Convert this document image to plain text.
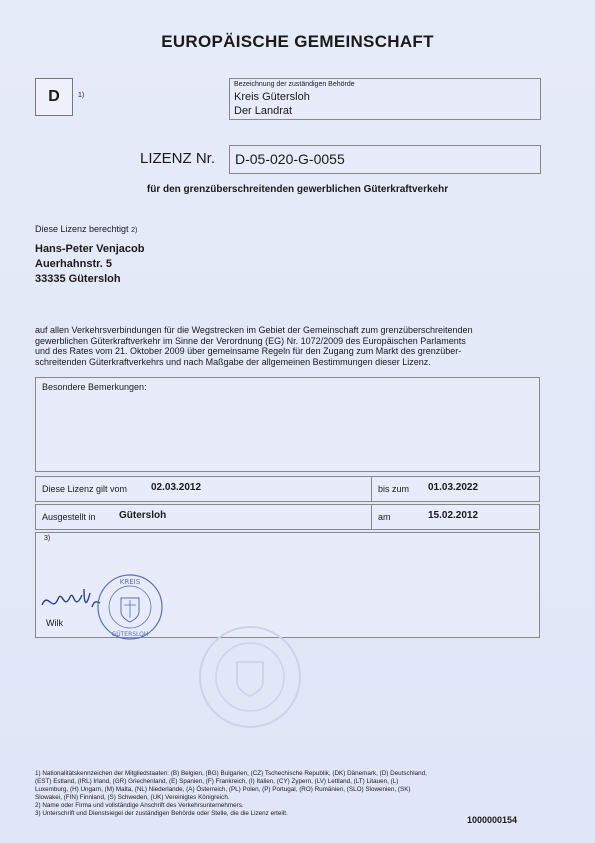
EUROPÄISCHE GEMEINSCHAFT
D	1)
Bezeichnung der zuständigen Behörde
Kreis Gütersloh
Der Landrat
LIZENZ Nr. D-05-020-G-0055
für den grenzüberschreitenden gewerblichen Güterkraftverkehr
Diese Lizenz berechtigt 2)
Hans-Peter Venjacob
Auerhahnstr. 5
33335 Gütersloh
auf allen Verkehrsverbindungen für die Wegstrecken im Gebiet der Gemeinschaft zum grenzüberschreitenden
gewerblichen Güterkraftverkehr im Sinne der Verordnung (EG) Nr. 1072/2009 des Europäischen Parlaments
und des Rates vom 21. Oktober 2009 über gemeinsame Regeln für den Zugang zum Markt des grenzüber-
schreitenden Güterkraftverkehrs und nach Maßgabe der allgemeinen Bestimmungen dieser Lizenz.
Besondere Bemerkungen:
Diese Lizenz gilt vom 02.03.2012	bis zum 01.03.2022
Ausgestellt in Gütersloh	am	15.02.2012
3)
Wilk
KREIS
GÜTERSLOH
1) Nationalitätskennzeichen der Mitgliedstaaten: (B) Belgien, (BG) Bulgarien, (CZ) Tschechische Republik, (DK) Dänemark, (D) Deutschland,
(EST) Estland, (IRL) Irland, (GR) Griechenland, (E) Spanien, (F) Frankreich, (I) Italien, (CY) Zypern, (LV) Lettland, (LT) Litauen, (L)
Luxemburg, (H) Ungarn, (M) Malta, (NL) Niederlande, (A) Österreich, (PL) Polen, (P) Portugal, (RO) Rumänien, (SLO) Slowenien, (SK)
Slowakei, (FIN) Finnland, (S) Schweden, (UK) Vereinigtes Königreich.
2) Name oder Firma und vollständige Anschrift des Verkehrsunternehmers.
3) Unterschrift und Dienstsiegel der zuständigen Behörde oder Stelle, die die Lizenz erteilt.
1000000154
